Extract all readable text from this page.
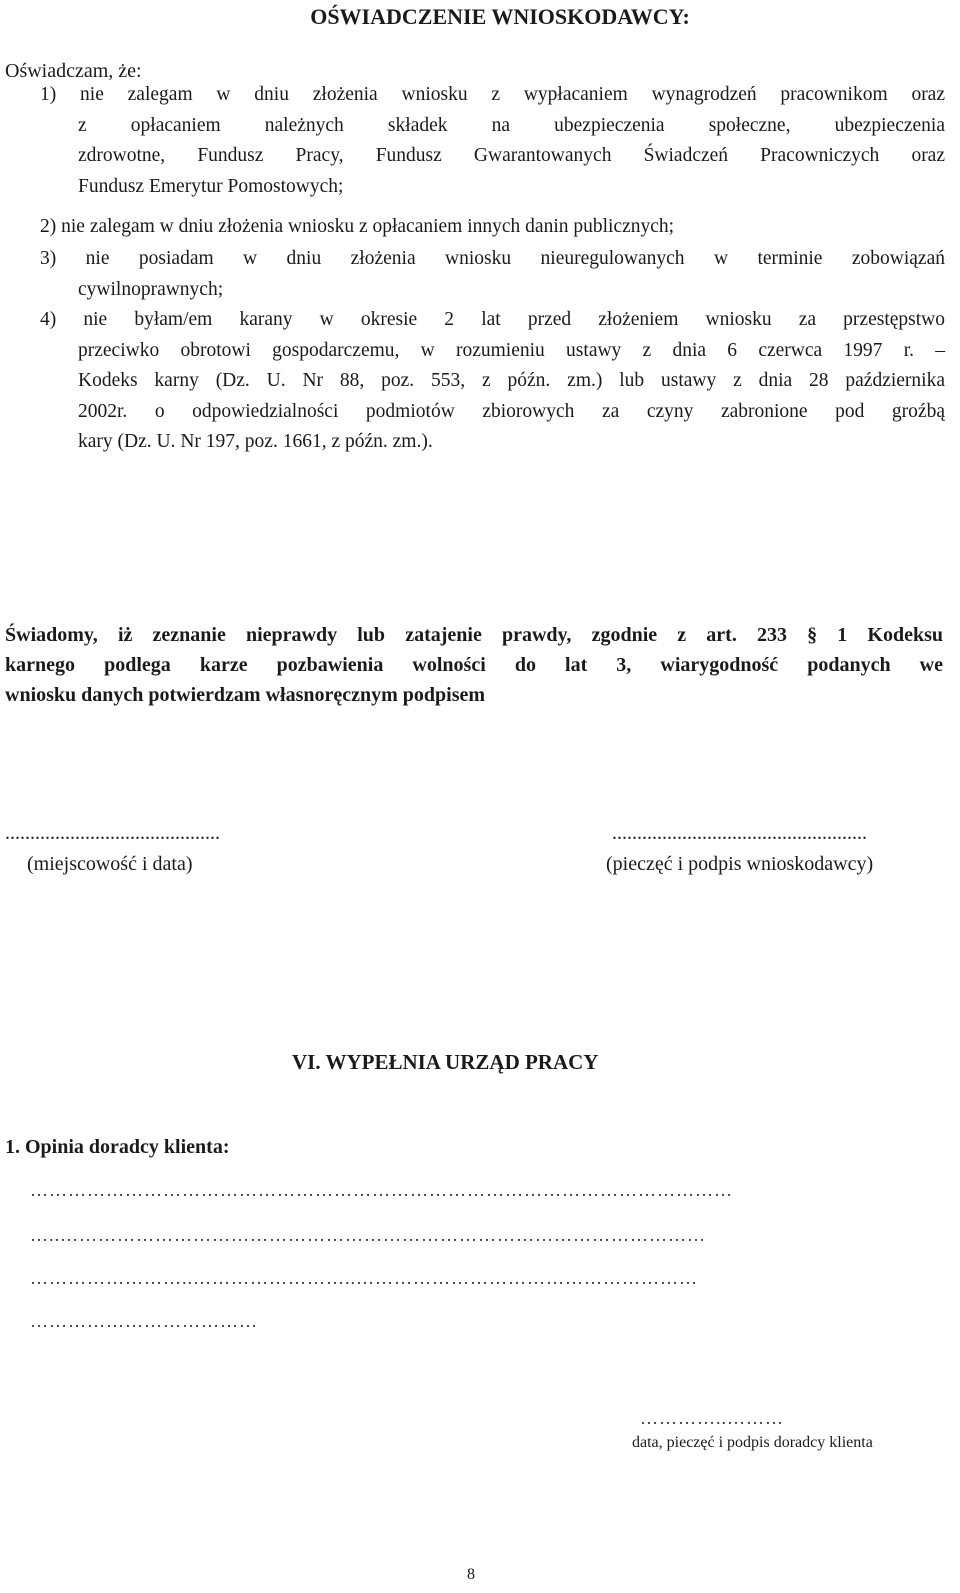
OŚWIADCZENIE WNIOSKODAWCY:
Oświadczam, że:
1) nie zalegam w dniu złożenia wniosku z wypłacaniem wynagrodzeń pracownikom oraz
z opłacaniem należnych składek na ubezpieczenia społeczne, ubezpieczenia
zdrowotne, Fundusz Pracy, Fundusz Gwarantowanych Świadczeń Pracowniczych oraz
Fundusz Emerytur Pomostowych;
2) nie zalegam w dniu złożenia wniosku z opłacaniem innych danin publicznych;
3) nie posiadam w dniu złożenia wniosku nieuregulowanych w terminie zobowiązań
cywilnoprawnych;
4) nie byłam/em karany w okresie 2 lat przed złożeniem wniosku za przestępstwo
przeciwko obrotowi gospodarczemu, w rozumieniu ustawy z dnia 6 czerwca 1997 r. –
Kodeks karny (Dz. U. Nr 88, poz. 553, z późn. zm.) lub ustawy z dnia 28 października
2002r. o odpowiedzialności podmiotów zbiorowych za czyny zabronione pod groźbą
kary (Dz. U. Nr 197, poz. 1661, z późn. zm.).
Świadomy, iż zeznanie nieprawdy lub zatajenie prawdy, zgodnie z art. 233 § 1 Kodeksu
karnego podlega karze pozbawienia wolności do lat 3, wiarygodność podanych we
wniosku danych potwierdzam własnoręcznym podpisem
...........................................
(miejscowość i data)
...................................................
(pieczęć i podpis wnioskodawcy)
VI. WYPEŁNIA URZĄD PRACY
1. Opinia doradcy klienta:
…………………………………………………………………………………………………
…..…………………………………………………………………………………………
……………………..……………………..………………………………………………
………………………………
…………..………
data, pieczęć i podpis doradcy klienta
8
